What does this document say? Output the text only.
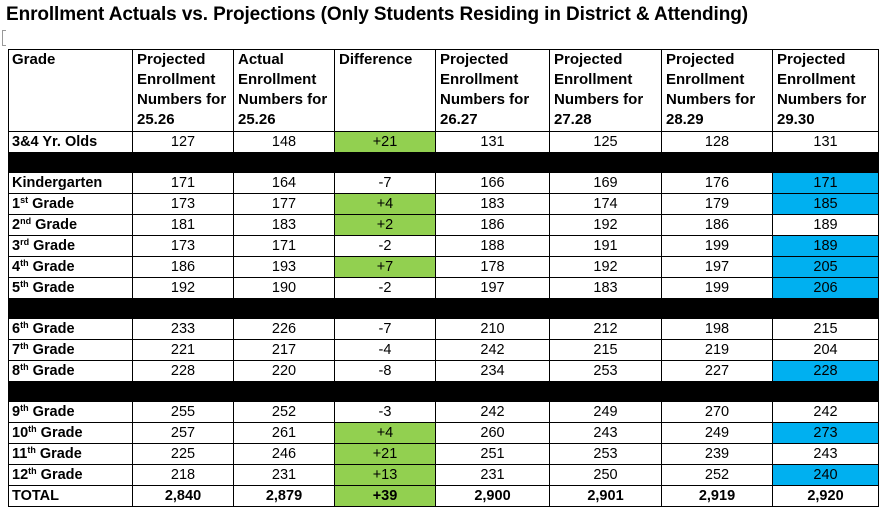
Enrollment Actuals vs. Projections (Only Students Residing in District & Attending)
Grade	Projected Enrollment Numbers for 25.26	Actual Enrollment Numbers for 25.26	Difference	Projected Enrollment Numbers for 26.27	Projected Enrollment Numbers for 27.28	Projected Enrollment Numbers for 28.29	Projected Enrollment Numbers for 29.30
3&4 Yr. Olds	127	148	+21	131	125	128	131

Kindergarten	171	164	-7	166	169	176	171
1st Grade	173	177	+4	183	174	179	185
2nd Grade	181	183	+2	186	192	186	189
3rd Grade	173	171	-2	188	191	199	189
4th Grade	186	193	+7	178	192	197	205
5th Grade	192	190	-2	197	183	199	206

6th Grade	233	226	-7	210	212	198	215
7th Grade	221	217	-4	242	215	219	204
8th Grade	228	220	-8	234	253	227	228

9th Grade	255	252	-3	242	249	270	242
10th Grade	257	261	+4	260	243	249	273
11th Grade	225	246	+21	251	253	239	243
12th Grade	218	231	+13	231	250	252	240
TOTAL	2,840	2,879	+39	2,900	2,901	2,919	2,920
